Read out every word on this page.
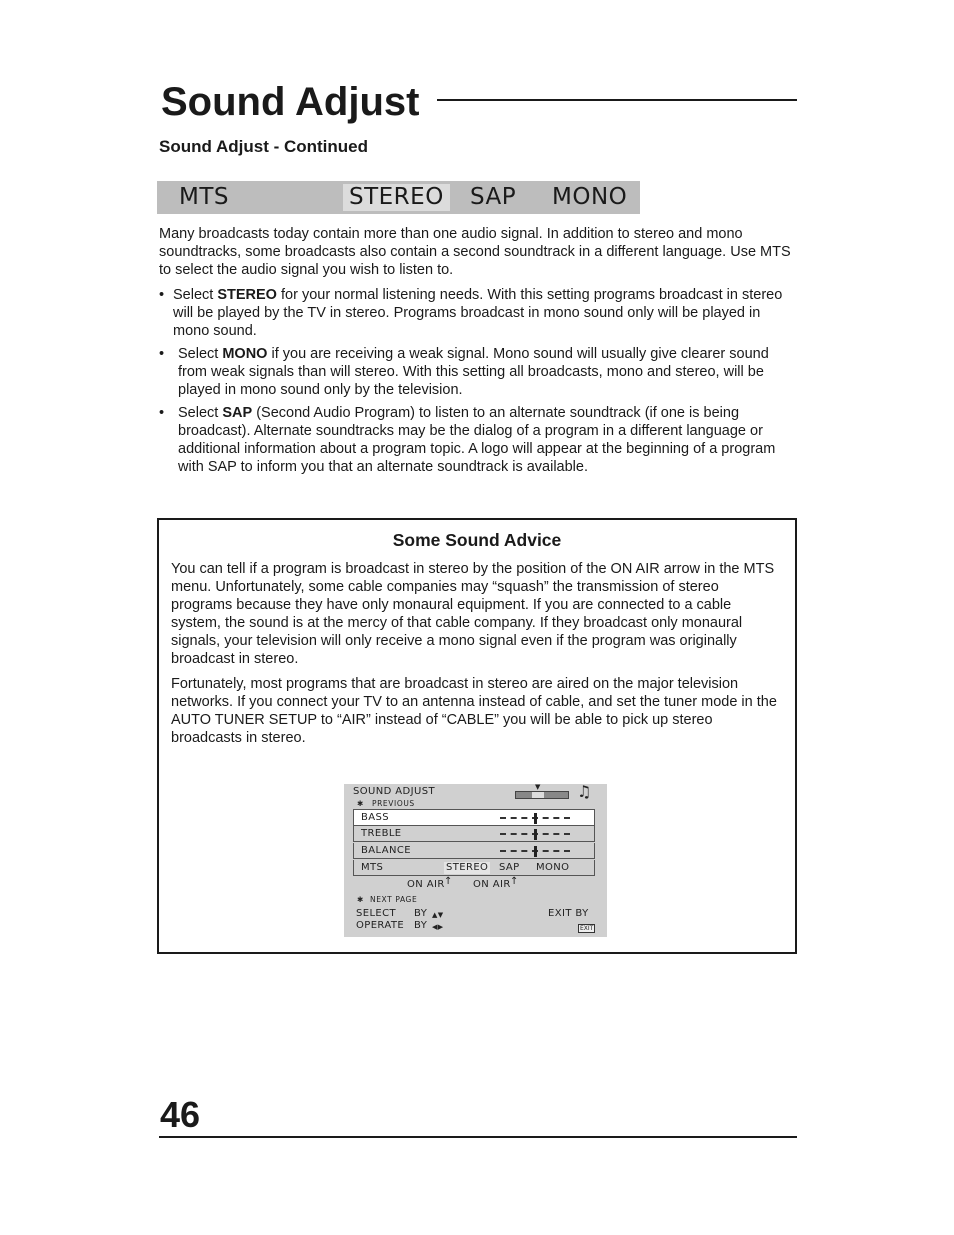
Sound Adjust
Sound Adjust - Continued
MTS	STEREO SAP MONO

Many broadcasts today contain more than one audio signal. In addition to stereo and mono soundtracks, some broadcasts also contain a second soundtrack in a different language. Use MTS to select the audio signal you wish to listen to.

• Select STEREO for your normal listening needs. With this setting programs broadcast in stereo will be played by the TV in stereo. Programs broadcast in mono sound only will be played in mono sound.
• Select MONO if you are receiving a weak signal. Mono sound will usually give clearer sound from weak signals than will stereo. With this setting all broadcasts, mono and stereo, will be played in mono sound only by the television.
• Select SAP (Second Audio Program) to listen to an alternate soundtrack (if one is being broadcast). Alternate soundtracks may be the dialog of a program in a different language or additional information about a program topic. A logo will appear at the beginning of a program with SAP to inform you that an alternate soundtrack is available.
Some Sound Advice

You can tell if a program is broadcast in stereo by the position of the ON AIR arrow in the MTS menu. Unfortunately, some cable companies may “squash” the transmission of stereo programs because they have only monaural equipment. If you are connected to a cable system, the sound is at the mercy of that cable company. If they broadcast only monaural signals, your television will only receive a mono signal even if the program was originally broadcast in stereo.

Fortunately, most programs that are broadcast in stereo are aired on the major television networks. If you connect your TV to an antenna instead of cable, and set the tuner mode in the AUTO TUNER SETUP to “AIR” instead of “CABLE” you will be able to pick up stereo broadcasts in stereo.

SOUND ADJUST	▼ ♫
✱ PREVIOUS
BASS
TREBLE
BALANCE
MTS	STEREO SAP MONO
ON AIR ↑ ON AIR ↑
✱ NEXT PAGE
SELECT BY ▲▼	EXIT BY
OPERATE BY ◀▶	EXIT
46
